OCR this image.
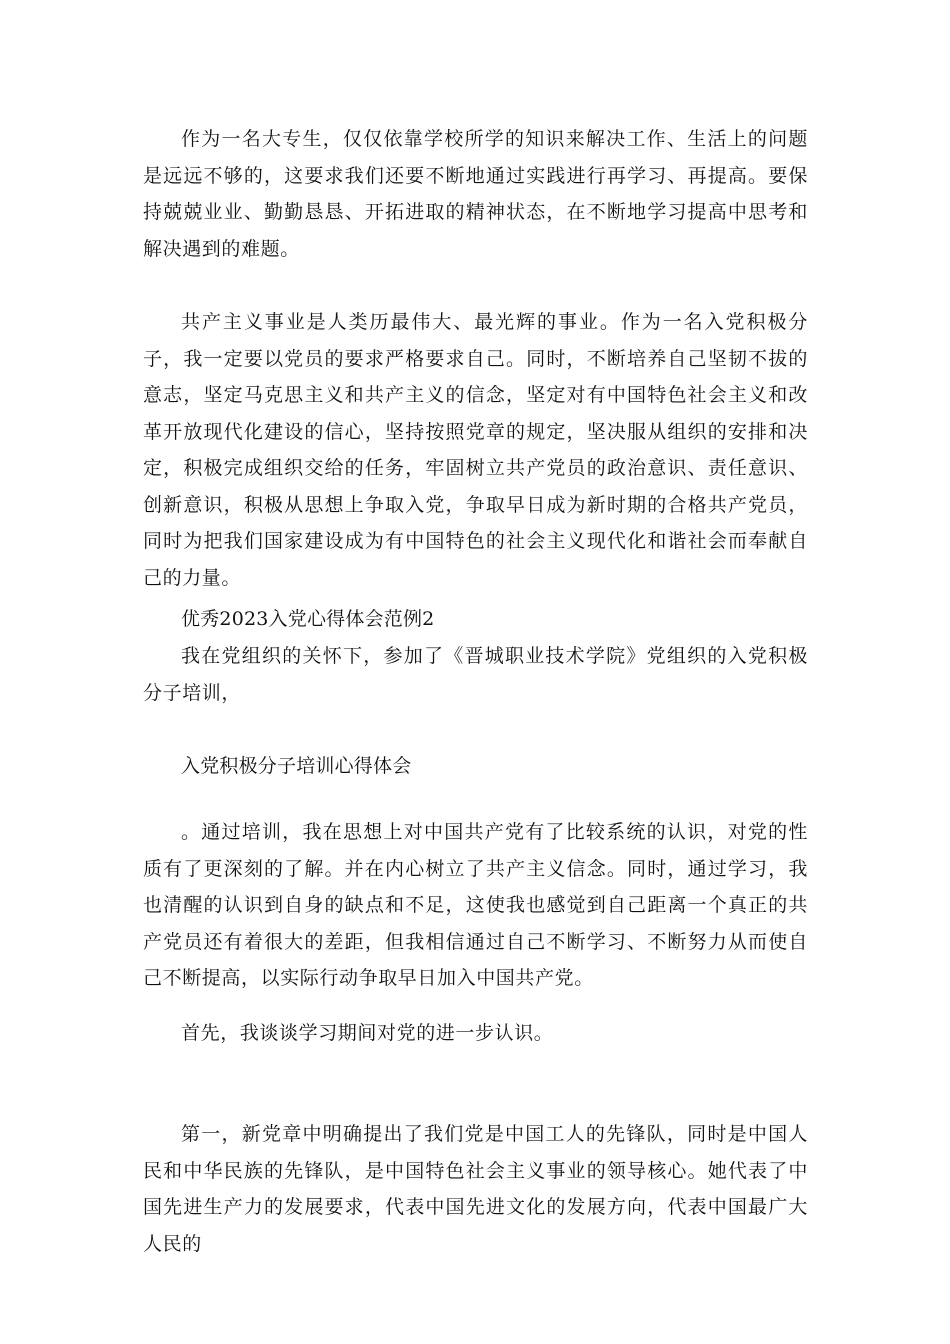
作为一名大专生，仅仅依靠学校所学的知识来解决工作、生活上的问题是远远不够的，这要求我们还要不断地通过实践进行再学习、再提高。要保持兢兢业业、勤勤恳恳、开拓进取的精神状态，在不断地学习提高中思考和解决遇到的难题。

共产主义事业是人类历最伟大、最光辉的事业。作为一名入党积极分子，我一定要以党员的要求严格要求自己。同时，不断培养自己坚韧不拔的意志，坚定马克思主义和共产主义的信念，坚定对有中国特色社会主义和改革开放现代化建设的信心，坚持按照党章的规定，坚决服从组织的安排和决定，积极完成组织交给的任务，牢固树立共产党员的政治意识、责任意识、创新意识，积极从思想上争取入党，争取早日成为新时期的合格共产党员，同时为把我们国家建设成为有中国特色的社会主义现代化和谐社会而奉献自己的力量。

优秀2023入党心得体会范例2

我在党组织的关怀下，参加了《晋城职业技术学院》党组织的入党积极分子培训，

入党积极分子培训心得体会

。通过培训，我在思想上对中国共产党有了比较系统的认识，对党的性质有了更深刻的了解。并在内心树立了共产主义信念。同时，通过学习，我也清醒的认识到自身的缺点和不足，这使我也感觉到自己距离一个真正的共产党员还有着很大的差距，但我相信通过自己不断学习、不断努力从而使自己不断提高，以实际行动争取早日加入中国共产党。

首先，我谈谈学习期间对党的进一步认识。

第一，新党章中明确提出了我们党是中国工人的先锋队，同时是中国人民和中华民族的先锋队，是中国特色社会主义事业的领导核心。她代表了中国先进生产力的发展要求，代表中国先进文化的发展方向，代表中国最广大人民的
